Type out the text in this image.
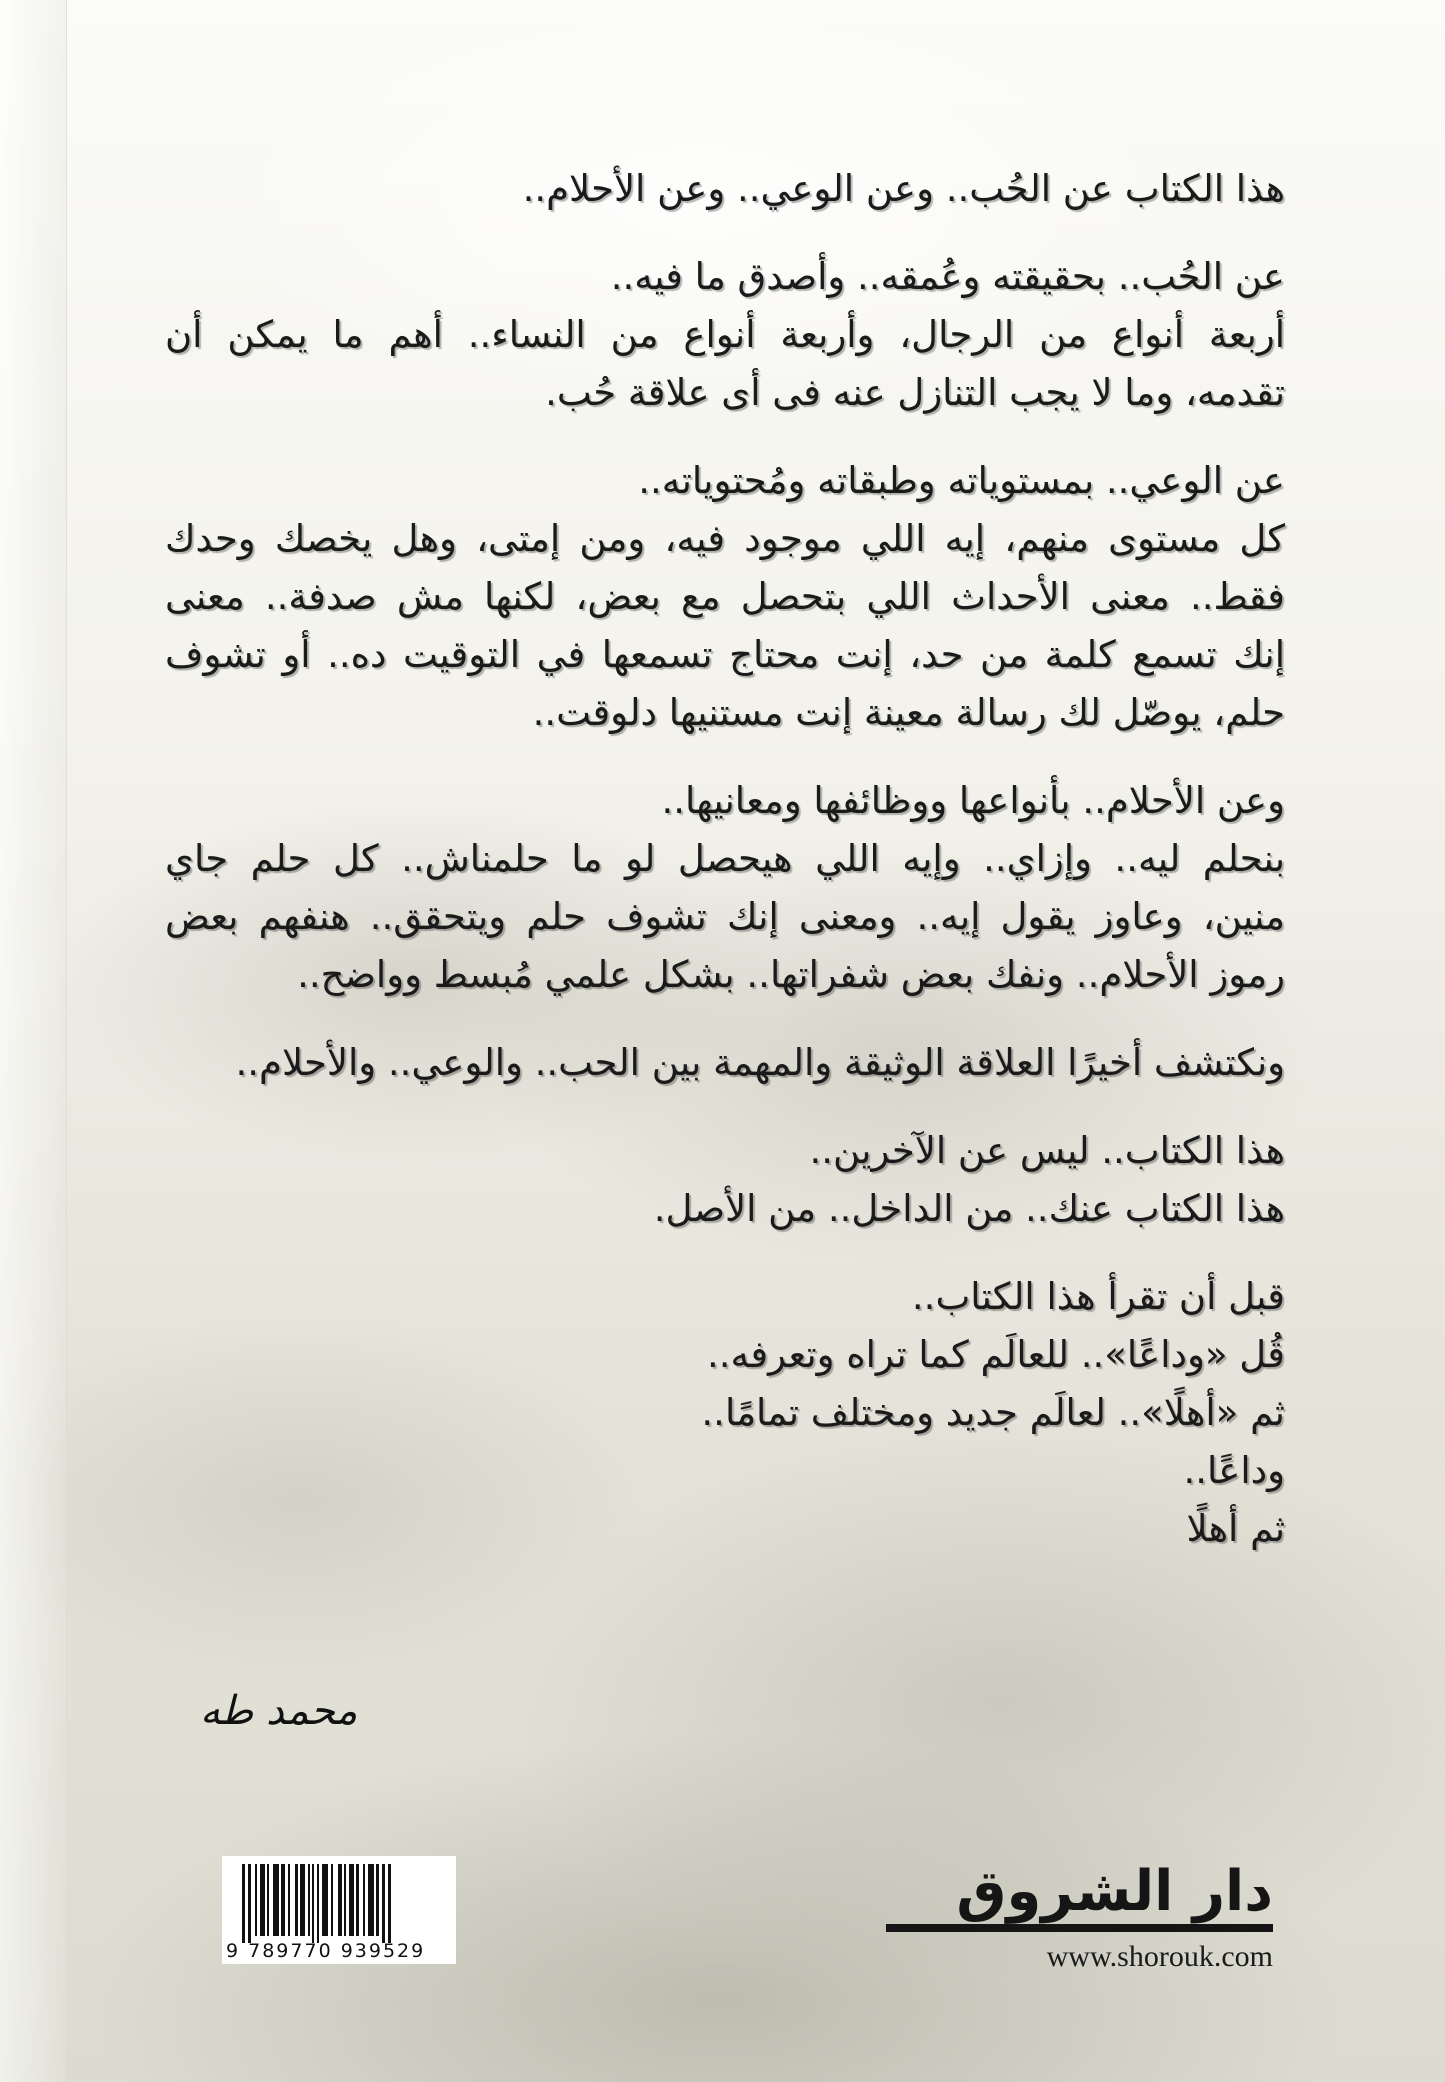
هذا الكتاب عن الحُب.. وعن الوعي.. وعن الأحلام..

عن الحُب.. بحقيقته وعُمقه.. وأصدق ما فيه..
أربعة أنواع من الرجال، وأربعة أنواع من النساء.. أهم ما يمكن أن
تقدمه، وما لا يجب التنازل عنه فى أى علاقة حُب.

عن الوعي.. بمستوياته وطبقاته ومُحتوياته..
كل مستوى منهم، إيه اللي موجود فيه، ومن إمتى، وهل يخصك وحدك
فقط.. معنى الأحداث اللي بتحصل مع بعض، لكنها مش صدفة.. معنى
إنك تسمع كلمة من حد، إنت محتاج تسمعها في التوقيت ده.. أو تشوف
حلم، يوصّل لك رسالة معينة إنت مستنيها دلوقت..

وعن الأحلام.. بأنواعها ووظائفها ومعانيها..
بنحلم ليه.. وإزاي.. وإيه اللي هيحصل لو ما حلمناش.. كل حلم جاي
منين، وعاوز يقول إيه.. ومعنى إنك تشوف حلم ويتحقق.. هنفهم بعض
رموز الأحلام.. ونفك بعض شفراتها.. بشكل علمي مُبسط وواضح..

ونكتشف أخيرًا العلاقة الوثيقة والمهمة بين الحب.. والوعي.. والأحلام..

هذا الكتاب.. ليس عن الآخرين..
هذا الكتاب عنك.. من الداخل.. من الأصل.

قبل أن تقرأ هذا الكتاب..
قُل «وداعًا».. للعالَم كما تراه وتعرفه..
ثم «أهلًا».. لعالَم جديد ومختلف تمامًا..
وداعًا..
ثم أهلًا

محمد طه
9 789770 939529
دار الشروق
www.shorouk.com
